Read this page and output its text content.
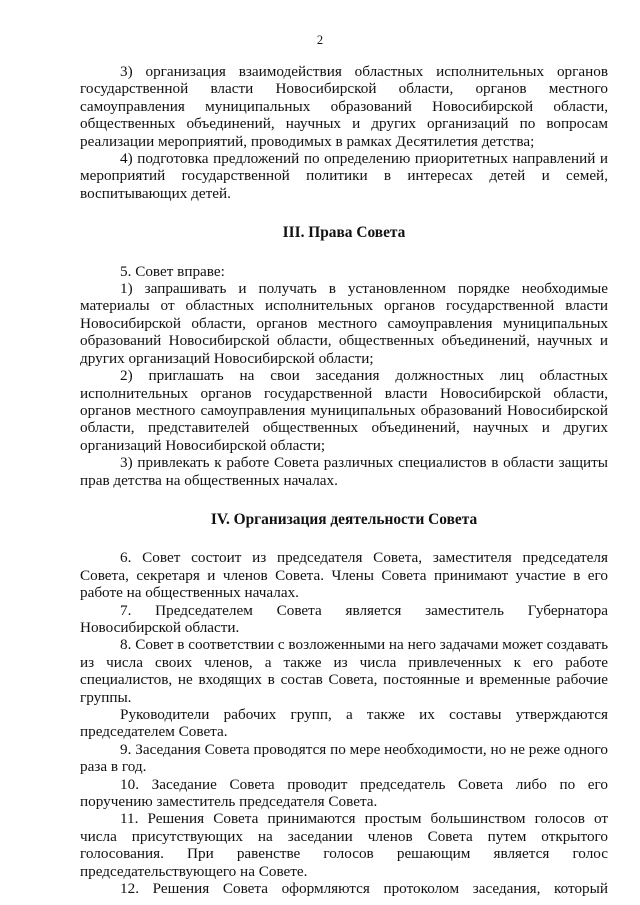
2

3) организация взаимодействия областных исполнительных органов государственной власти Новосибирской области, органов местного самоуправления муниципальных образований Новосибирской области, общественных объединений, научных и других организаций по вопросам реализации мероприятий, проводимых в рамках Десятилетия детства;

4) подготовка предложений по определению приоритетных направлений и мероприятий государственной политики в интересах детей и семей, воспитывающих детей.

III. Права Совета

5. Совет вправе:

1) запрашивать и получать в установленном порядке необходимые материалы от областных исполнительных органов государственной власти Новосибирской области, органов местного самоуправления муниципальных образований Новосибирской области, общественных объединений, научных и других организаций Новосибирской области;

2) приглашать на свои заседания должностных лиц областных исполнительных органов государственной власти Новосибирской области, органов местного самоуправления муниципальных образований Новосибирской области, представителей общественных объединений, научных и других организаций Новосибирской области;

3) привлекать к работе Совета различных специалистов в области защиты прав детства на общественных началах.

IV. Организация деятельности Совета

6. Совет состоит из председателя Совета, заместителя председателя Совета, секретаря и членов Совета. Члены Совета принимают участие в его работе на общественных началах.

7. Председателем Совета является заместитель Губернатора Новосибирской области.

8. Совет в соответствии с возложенными на него задачами может создавать из числа своих членов, а также из числа привлеченных к его работе специалистов, не входящих в состав Совета, постоянные и временные рабочие группы.

Руководители рабочих групп, а также их составы утверждаются председателем Совета.

9. Заседания Совета проводятся по мере необходимости, но не реже одного раза в год.

10. Заседание Совета проводит председатель Совета либо по его поручению заместитель председателя Совета.

11. Решения Совета принимаются простым большинством голосов от числа присутствующих на заседании членов Совета путем открытого голосования. При равенстве голосов решающим является голос председательствующего на Совете.

12. Решения Совета оформляются протоколом заседания, который
